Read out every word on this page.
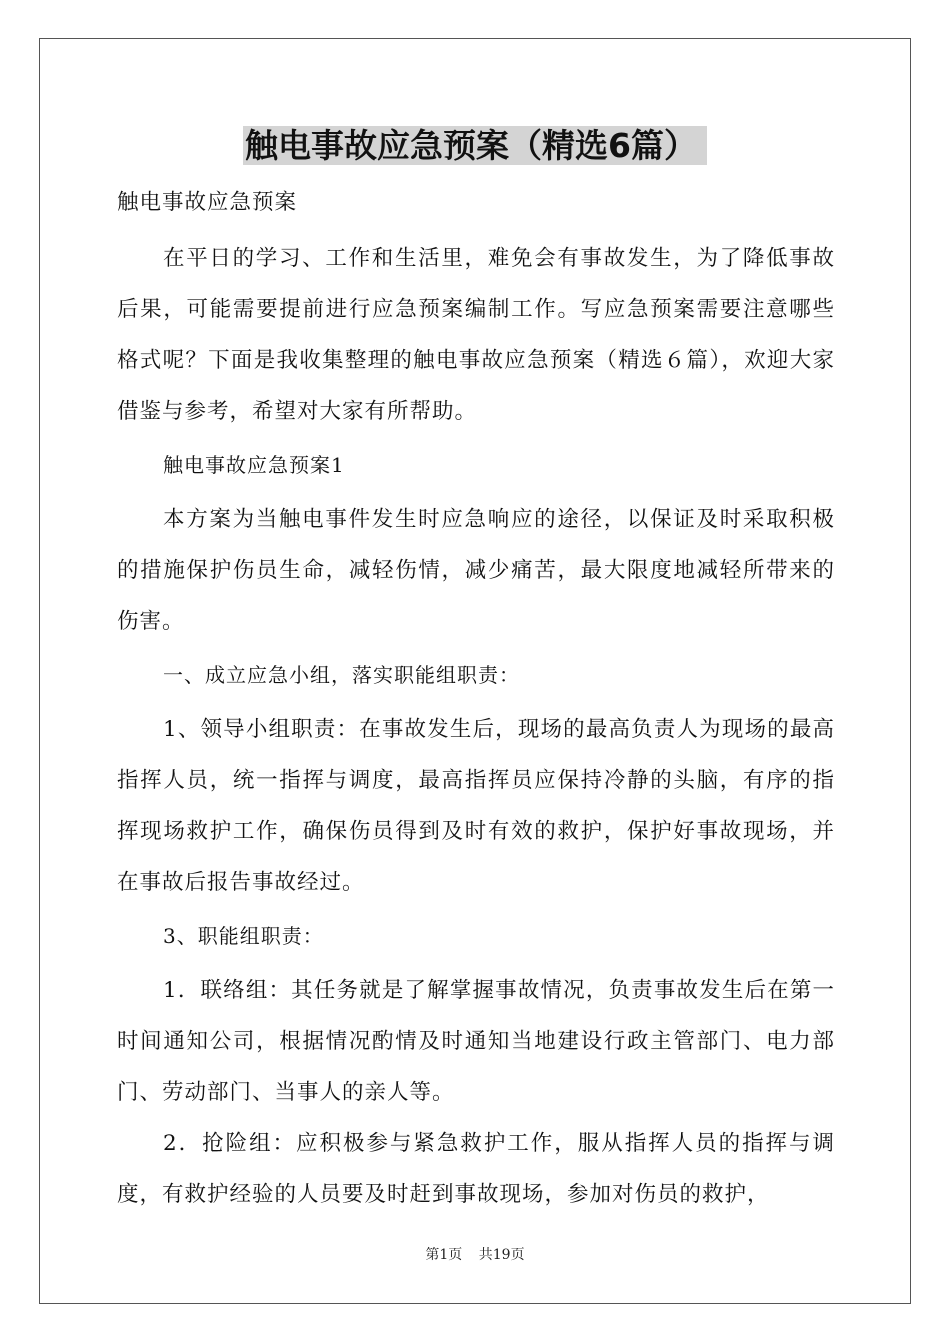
触电事故应急预案（精选6篇）

触电事故应急预案

在平日的学习、工作和生活里，难免会有事故发生，为了降低事故后果，可能需要提前进行应急预案编制工作。写应急预案需要注意哪些格式呢？下面是我收集整理的触电事故应急预案（精选６篇），欢迎大家借鉴与参考，希望对大家有所帮助。

触电事故应急预案1

本方案为当触电事件发生时应急响应的途径，以保证及时采取积极的措施保护伤员生命，减轻伤情，减少痛苦，最大限度地减轻所带来的伤害。

一、成立应急小组，落实职能组职责：

1、领导小组职责：在事故发生后，现场的最高负责人为现场的最高指挥人员，统一指挥与调度，最高指挥员应保持冷静的头脑，有序的指挥现场救护工作，确保伤员得到及时有效的救护，保护好事故现场，并在事故后报告事故经过。

3、职能组职责：

1．联络组：其任务就是了解掌握事故情况，负责事故发生后在第一时间通知公司，根据情况酌情及时通知当地建设行政主管部门、电力部门、劳动部门、当事人的亲人等。

2．抢险组：应积极参与紧急救护工作，服从指挥人员的指挥与调度，有救护经验的人员要及时赶到事故现场，参加对伤员的救护，

第1页 共19页
